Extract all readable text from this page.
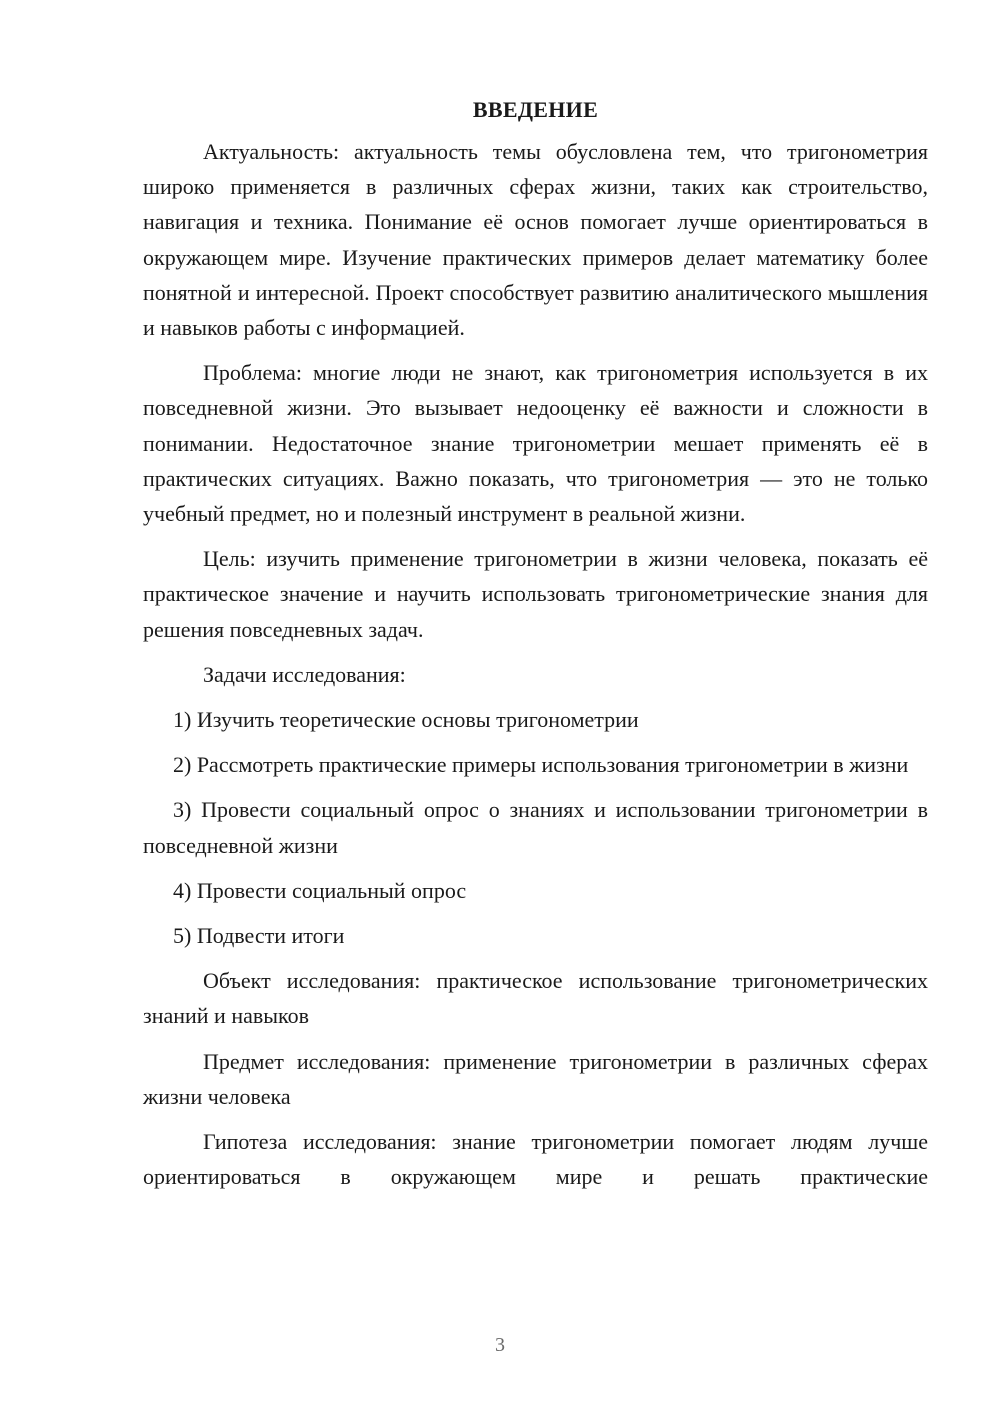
ВВЕДЕНИЕ

Актуальность: актуальность темы обусловлена тем, что тригонометрия широко применяется в различных сферах жизни, таких как строительство, навигация и техника. Понимание её основ помогает лучше ориентироваться в окружающем мире. Изучение практических примеров делает математику более понятной и интересной. Проект способствует развитию аналитического мышления и навыков работы с информацией.

Проблема: многие люди не знают, как тригонометрия используется в их повседневной жизни. Это вызывает недооценку её важности и сложности в понимании. Недостаточное знание тригонометрии мешает применять её в практических ситуациях. Важно показать, что тригонометрия — это не только учебный предмет, но и полезный инструмент в реальной жизни.

Цель: изучить применение тригонометрии в жизни человека, показать её практическое значение и научить использовать тригонометрические знания для решения повседневных задач.

Задачи исследования:

1) Изучить теоретические основы тригонометрии

2) Рассмотреть практические примеры использования тригонометрии в жизни

3) Провести социальный опрос о знаниях и использовании тригонометрии в повседневной жизни

4) Провести социальный опрос

5) Подвести итоги

Объект исследования: практическое использование тригонометрических знаний и навыков

Предмет исследования: применение тригонометрии в различных сферах жизни человека

Гипотеза исследования: знание тригонометрии помогает людям лучше ориентироваться в окружающем мире и решать практические

3
